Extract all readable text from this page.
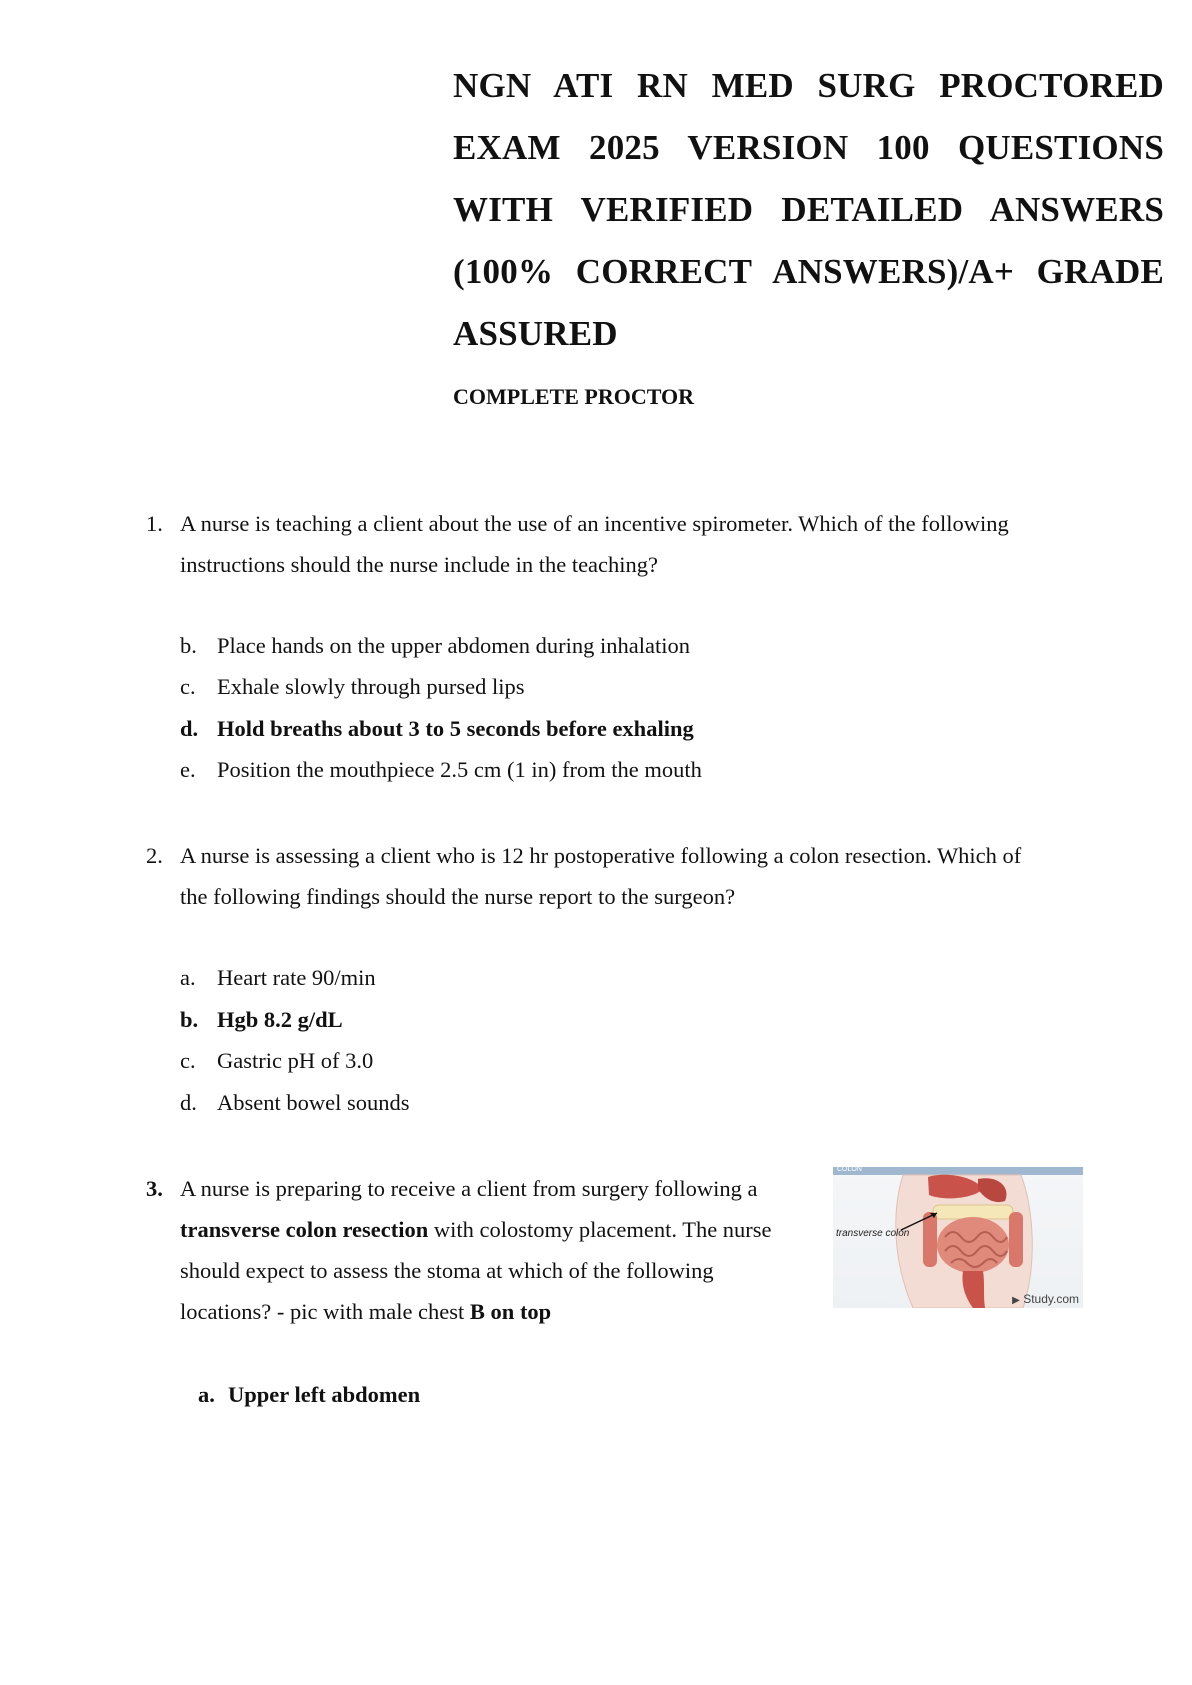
NGN ATI RN MED SURG PROCTORED EXAM 2025 VERSION 100 QUESTIONS WITH VERIFIED DETAILED ANSWERS (100% CORRECT ANSWERS)/A+ GRADE ASSURED
COMPLETE PROCTOR
1. A nurse is teaching a client about the use of an incentive spirometer. Which of the following
instructions should the nurse include in the teaching?
b. Place hands on the upper abdomen during inhalation
c. Exhale slowly through pursed lips
d. Hold breaths about 3 to 5 seconds before exhaling
e. Position the mouthpiece 2.5 cm (1 in) from the mouth
2. A nurse is assessing a client who is 12 hr postoperative following a colon resection. Which of
the following findings should the nurse report to the surgeon?
a. Heart rate 90/min
b. Hgb 8.2 g/dL
c. Gastric pH of 3.0
d. Absent bowel sounds
3. A nurse is preparing to receive a client from surgery following a
transverse colon resection with colostomy placement. The nurse
should expect to assess the stoma at which of the following
locations? - pic with male chest B on top
a. Upper left abdomen
COLON
transverse colon
▶ Study.com
